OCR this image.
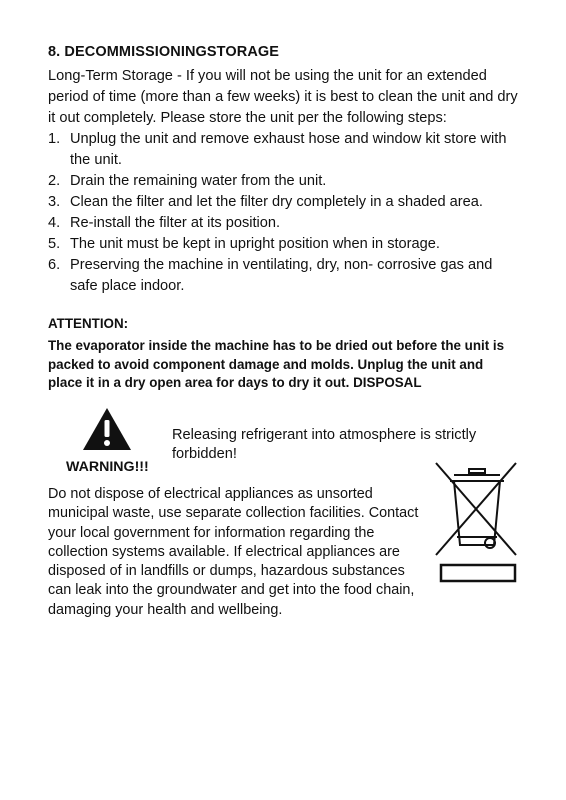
8. DECOMMISSIONINGSTORAGE

Long-Term Storage - If you will not be using the unit for an extended period of time (more than a few weeks) it is best to clean the unit and dry it out completely. Please store the unit per the following steps:

1. Unplug the unit and remove exhaust hose and window kit store with the unit.
2. Drain the remaining water from the unit.
3. Clean the filter and let the filter dry completely in a shaded area.
4. Re-install the filter at its position.
5. The unit must be kept in upright position when in storage.
6. Preserving the machine in ventilating, dry, non- corrosive gas and safe place indoor.
ATTENTION:
The evaporator inside the machine has to be dried out before the unit is packed to avoid component damage and molds. Unplug the unit and place it in a dry open area for days to dry it out. DISPOSAL
Releasing refrigerant into atmosphere is strictly forbidden!
WARNING!!!
Do not dispose of electrical appliances as unsorted municipal waste, use separate collection facilities. Contact your local government for information regarding the collection systems available. If electrical appliances are disposed of in landfills or dumps, hazardous substances can leak into the groundwater and get into the food chain, damaging your health and wellbeing.
